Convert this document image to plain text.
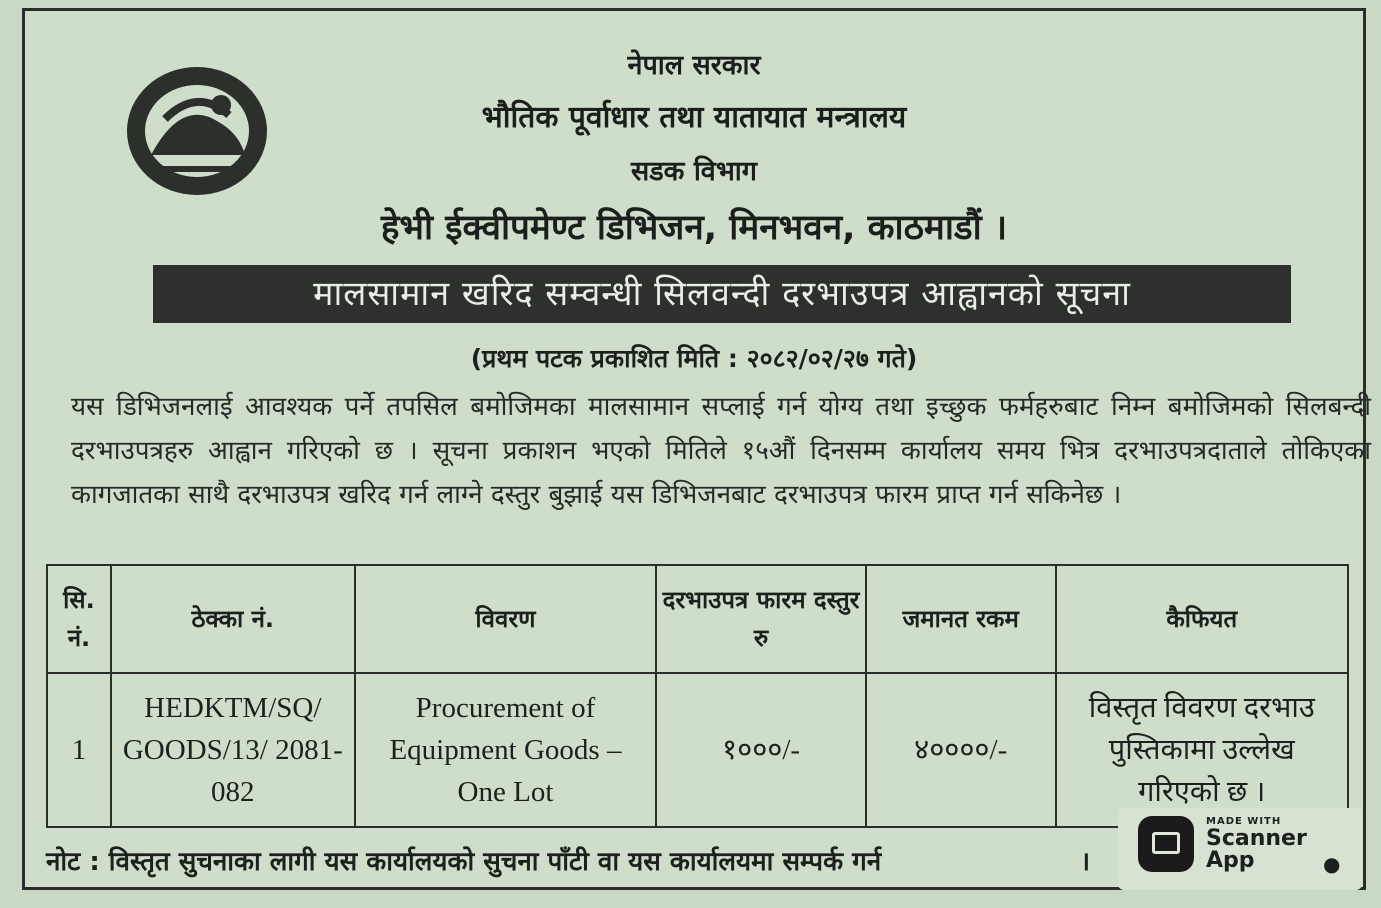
नेपाल सरकार
भौतिक पूर्वाधार तथा यातायात मन्त्रालय
सडक विभाग
हेभी ईक्वीपमेण्ट डिभिजन, मिनभवन, काठमाडौं ।
मालसामान खरिद सम्वन्धी सिलवन्दी दरभाउपत्र आह्वानको सूचना
(प्रथम पटक प्रकाशित मिति : २०८२/०२/२७ गते)
यस डिभिजनलाई आवश्यक पर्ने तपसिल बमोजिमका मालसामान सप्लाई गर्न योग्य तथा इच्छुक फर्महरुबाट निम्न बमोजिमको सिलबन्दी दरभाउपत्रहरु आह्वान गरिएको छ । सूचना प्रकाशन भएको मितिले १५औं दिनसम्म कार्यालय समय भित्र दरभाउपत्रदाताले तोकिएका कागजातका साथै दरभाउपत्र खरिद गर्न लाग्ने दस्तुर बुझाई यस डिभिजनबाट दरभाउपत्र फारम प्राप्त गर्न सकिनेछ ।
सि. नं.	ठेक्का नं.	विवरण	दरभाउपत्र फारम दस्तुर रु	जमानत रकम	कैफियत
1	HEDKTM/SQ/ GOODS/13/ 2081-082	Procurement of Equipment Goods – One Lot	१०००/-	४००००/-	विस्तृत विवरण दरभाउ पुस्तिकामा उल्लेख गरिएको छ ।
नोट : विस्तृत सुचनाका लागी यस कार्यालयको सुचना पाँटी वा यस कार्यालयमा सम्पर्क गर्न	।
MADE WITH
Scanner
App	●
